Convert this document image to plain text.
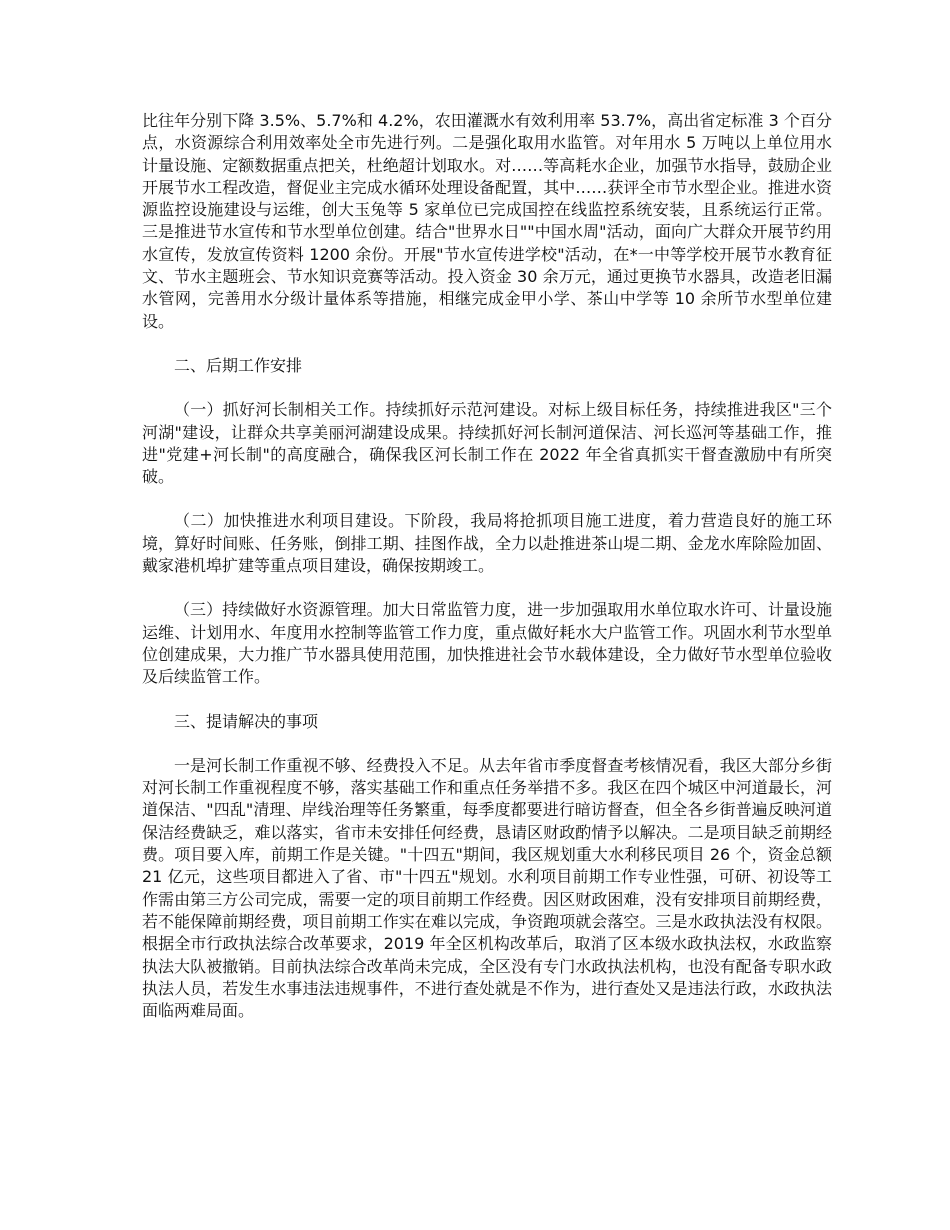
比往年分别下降 3.5%、5.7%和 4.2%，农田灌溉水有效利用率 53.7%，高出省定标准 3 个百分点，水资源综合利用效率处全市先进行列。二是强化取用水监管。对年用水 5 万吨以上单位用水计量设施、定额数据重点把关，杜绝超计划取水。对……等高耗水企业，加强节水指导，鼓励企业开展节水工程改造，督促业主完成水循环处理设备配置，其中……获评全市节水型企业。推进水资源监控设施建设与运维，创大玉兔等 5 家单位已完成国控在线监控系统安装，且系统运行正常。三是推进节水宣传和节水型单位创建。结合"世界水日""中国水周"活动，面向广大群众开展节约用水宣传，发放宣传资料 1200 余份。开展"节水宣传进学校"活动，在*一中等学校开展节水教育征文、节水主题班会、节水知识竞赛等活动。投入资金 30 余万元，通过更换节水器具，改造老旧漏水管网，完善用水分级计量体系等措施，相继完成金甲小学、茶山中学等 10 余所节水型单位建设。

二、后期工作安排

（一）抓好河长制相关工作。持续抓好示范河建设。对标上级目标任务，持续推进我区"三个河湖"建设，让群众共享美丽河湖建设成果。持续抓好河长制河道保洁、河长巡河等基础工作，推进"党建+河长制"的高度融合，确保我区河长制工作在 2022 年全省真抓实干督查激励中有所突破。

（二）加快推进水利项目建设。下阶段，我局将抢抓项目施工进度，着力营造良好的施工环境，算好时间账、任务账，倒排工期、挂图作战，全力以赴推进茶山堤二期、金龙水库除险加固、戴家港机埠扩建等重点项目建设，确保按期竣工。

（三）持续做好水资源管理。加大日常监管力度，进一步加强取用水单位取水许可、计量设施运维、计划用水、年度用水控制等监管工作力度，重点做好耗水大户监管工作。巩固水利节水型单位创建成果，大力推广节水器具使用范围，加快推进社会节水载体建设，全力做好节水型单位验收及后续监管工作。

三、提请解决的事项

一是河长制工作重视不够、经费投入不足。从去年省市季度督查考核情况看，我区大部分乡街对河长制工作重视程度不够，落实基础工作和重点任务举措不多。我区在四个城区中河道最长，河道保洁、"四乱"清理、岸线治理等任务繁重，每季度都要进行暗访督查，但全各乡街普遍反映河道保洁经费缺乏，难以落实，省市未安排任何经费，恳请区财政酌情予以解决。二是项目缺乏前期经费。项目要入库，前期工作是关键。"十四五"期间，我区规划重大水利移民项目 26 个，资金总额 21 亿元，这些项目都进入了省、市"十四五"规划。水利项目前期工作专业性强，可研、初设等工作需由第三方公司完成，需要一定的项目前期工作经费。因区财政困难，没有安排项目前期经费，若不能保障前期经费，项目前期工作实在难以完成，争资跑项就会落空。三是水政执法没有权限。根据全市行政执法综合改革要求，2019 年全区机构改革后，取消了区本级水政执法权，水政监察执法大队被撤销。目前执法综合改革尚未完成，全区没有专门水政执法机构，也没有配备专职水政执法人员，若发生水事违法违规事件，不进行查处就是不作为，进行查处又是违法行政，水政执法面临两难局面。
